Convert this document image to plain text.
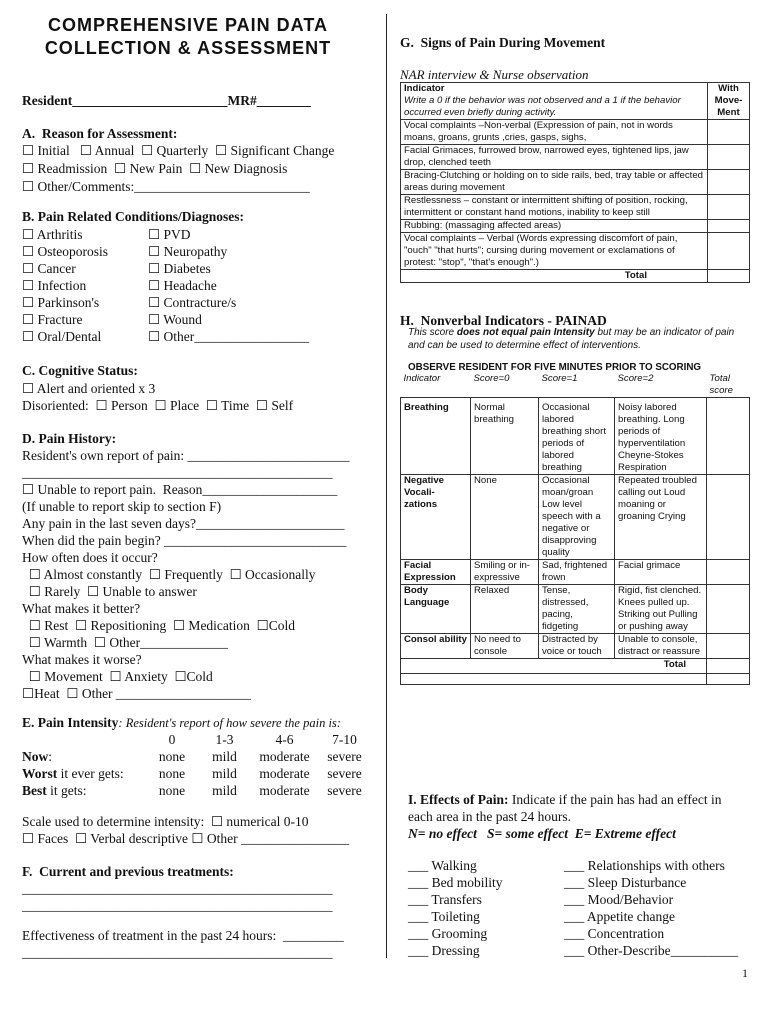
COMPREHENSIVE PAIN DATA
COLLECTION & ASSESSMENT
Resident_______________________MR#________
A.  Reason for Assessment:
☐ Initial   ☐ Annual  ☐ Quarterly  ☐ Significant Change
☐ Readmission  ☐ New Pain  ☐ New Diagnosis
☐ Other/Comments:__________________________
B. Pain Related Conditions/Diagnoses:
☐ Arthritis
☐ Osteoporosis
☐ Cancer
☐ Infection
☐ Parkinson's
☐ Fracture
☐ Oral/Dental
☐ PVD
☐ Neuropathy
☐ Diabetes
☐ Headache
☐ Contracture/s
☐ Wound
☐ Other_________________
C. Cognitive Status:
☐ Alert and oriented x 3
Disoriented:  ☐ Person  ☐ Place  ☐ Time  ☐ Self
D. Pain History:
Resident's own report of pain: ________________________
______________________________________________
☐ Unable to report pain.  Reason____________________
(If unable to report skip to section F)
Any pain in the last seven days?______________________
When did the pain begin? ___________________________
How often does it occur?
☐ Almost constantly  ☐ Frequently  ☐ Occasionally
☐ Rarely  ☐ Unable to answer
What makes it better?
☐ Rest  ☐ Repositioning  ☐ Medication  ☐Cold
☐ Warmth  ☐ Other_____________
What makes it worse?
☐ Movement  ☐ Anxiety  ☐Cold
☐Heat  ☐ Other ____________________
E. Pain Intensity: Resident's report of how severe the pain is:
0	1-3	4-6	7-10
Now:	none	mild	moderate	severe
Worst it ever gets:	none	mild	moderate	severe
Best it gets:	none	mild	moderate	severe
Scale used to determine intensity:  ☐ numerical 0-10
☐ Faces  ☐ Verbal descriptive ☐ Other ________________
F.  Current and previous treatments:
______________________________________________
______________________________________________
Effectiveness of treatment in the past 24 hours:  _________
______________________________________________
G.  Signs of Pain During Movement
NAR interview & Nurse observation
Indicator
Write a 0 if the behavior was not observed and a 1 if the behavior occurred even briefly during activity.	With Move-Ment
Vocal complaints –Non-verbal (Expression of pain, not in words moans, groans, grunts ,cries, gasps, sighs,	
Facial Grimaces, furrowed brow, narrowed eyes, tightened lips, jaw drop, clenched teeth	
Bracing-Clutching or holding on to side rails, bed, tray table or affected areas during movement	
Restlessness – constant or intermittent shifting of position, rocking, intermittent or constant hand motions, inability to keep still	
Rubbing: (massaging affected areas)	
Vocal complaints – Verbal (Words expressing discomfort of pain, "ouch" "that hurts"; cursing during movement or exclamations of protest: "stop", "that's enough".)	
Total	
H.  Nonverbal Indicators - PAINAD
This score does not equal pain Intensity but may be an indicator of pain and can be used to determine effect of interventions.
OBSERVE RESIDENT FOR FIVE MINUTES PRIOR TO SCORING
Indicator	Score=0	Score=1	Score=2	Total score
Breathing	Normal breathing	Occasional labored breathing short periods of labored breathing	Noisy labored breathing. Long periods of hyperventilation Cheyne-Stokes Respiration	
Negative Vocali-zations	None	Occasional moan/groan Low level speech with a negative or disapproving quality	Repeated troubled calling out Loud moaning or groaning Crying	
Facial Expression	Smiling or in-expressive	Sad, frightened frown	Facial grimace	
Body Language	Relaxed	Tense, distressed, pacing, fidgeting	Rigid, fist clenched. Knees pulled up. Striking out Pulling or pushing away	
Consol ability	No need to console	Distracted by voice or touch	Unable to console, distract or reassure	
Total				

I. Effects of Pain: Indicate if the pain has had an effect in each area in the past 24 hours.
N= no effect   S= some effect  E= Extreme effect
___ Walking
___ Bed mobility
___ Transfers
___ Toileting
___ Grooming
___ Dressing
___ Relationships with others
___ Sleep Disturbance
___ Mood/Behavior
___ Appetite change
___ Concentration
___ Other-Describe__________
1
